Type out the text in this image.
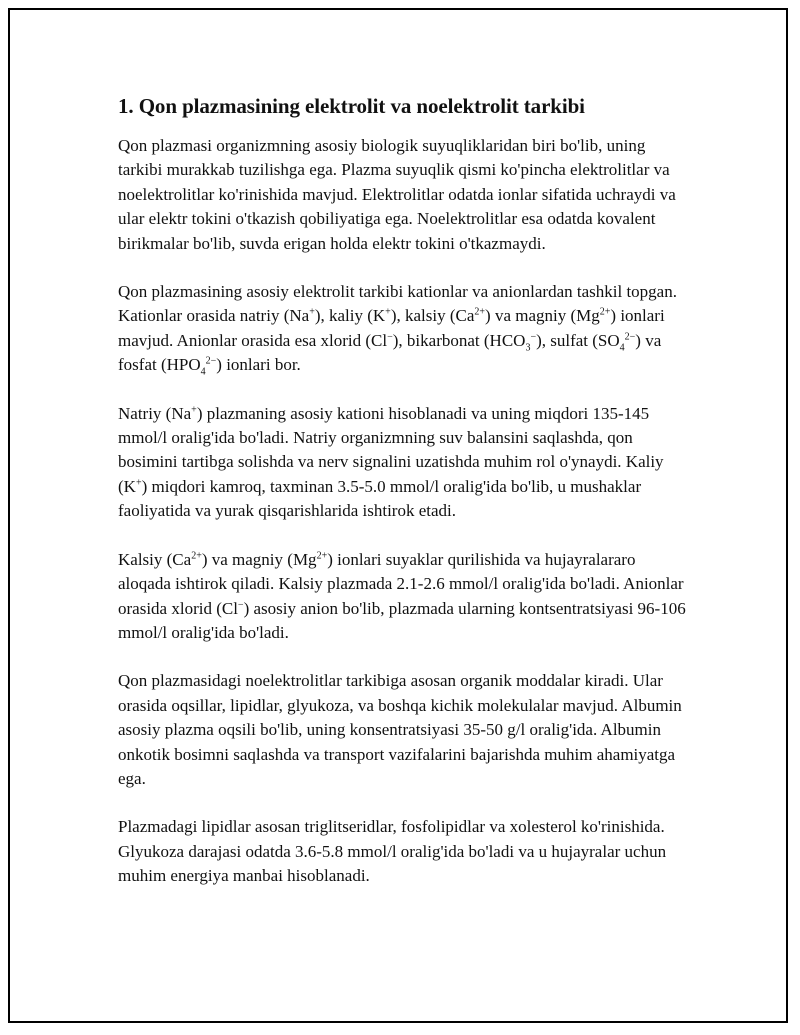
1. Qon plazmasining elektrolit va noelektrolit tarkibi

Qon plazmasi organizmning asosiy biologik suyuqliklaridan biri bo'lib, uning tarkibi murakkab tuzilishga ega. Plazma suyuqlik qismi ko'pincha elektrolitlar va noelektrolitlar ko'rinishida mavjud. Elektrolitlar odatda ionlar sifatida uchraydi va ular elektr tokini o'tkazish qobiliyatiga ega. Noelektrolitlar esa odatda kovalent birikmalar bo'lib, suvda erigan holda elektr tokini o'tkazmaydi.

Qon plazmasining asosiy elektrolit tarkibi kationlar va anionlardan tashkil topgan. Kationlar orasida natriy (Na+), kaliy (K+), kalsiy $(Ca^{2+})$ va magniy $(Mg^{2+})$ ionlari mavjud. Anionlar orasida esa xlorid (Cl−), bikarbonat $(HCO_3^-)$, sulfat $(SO_4^{2-})$ va fosfat $(HPO_4^{2-})$ ionlari bor.

Natriy (Na+) plazmaning asosiy kationi hisoblanadi va uning miqdori 135-145 mmol/l oralig'ida bo'ladi. Natriy organizmning suv balansini saqlashda, qon bosimini tartibga solishda va nerv signalini uzatishda muhim rol o'ynaydi. Kaliy (K+) miqdori kamroq, taxminan 3.5-5.0 mmol/l oralig'ida bo'lib, u mushaklar faoliyatida va yurak qisqarishlarida ishtirok etadi.

Kalsiy $(Ca^{2+})$ va magniy $(Mg^{2+})$ ionlari suyaklar qurilishida va hujayralararo aloqada ishtirok qiladi. Kalsiy plazmada 2.1-2.6 mmol/l oralig'ida bo'ladi. Anionlar orasida xlorid (Cl−) asosiy anion bo'lib, plazmada ularning kontsentratsiyasi 96-106 mmol/l oralig'ida bo'ladi.

Qon plazmasidagi noelektrolitlar tarkibiga asosan organik moddalar kiradi. Ular orasida oqsillar, lipidlar, glyukoza, va boshqa kichik molekulalar mavjud. Albumin asosiy plazma oqsili bo'lib, uning konsentratsiyasi 35-50 g/l oralig'ida. Albumin onkotik bosimni saqlashda va transport vazifalarini bajarishda muhim ahamiyatga ega.

Plazmadagi lipidlar asosan triglitseridlar, fosfolipidlar va xolesterol ko'rinishida. Glyukoza darajasi odatda 3.6-5.8 mmol/l oralig'ida bo'ladi va u hujayralar uchun muhim energiya manbai hisoblanadi.
